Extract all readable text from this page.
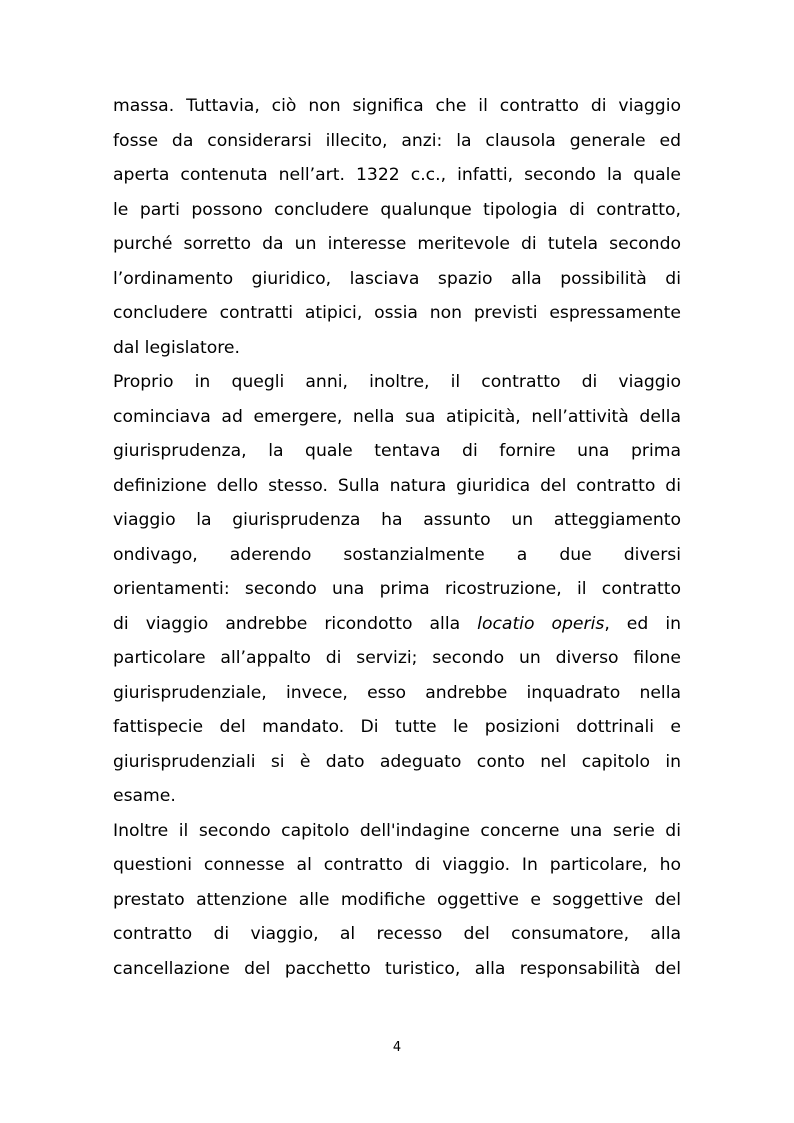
massa. Tuttavia, ciò non significa che il contratto di viaggio
fosse da considerarsi illecito, anzi: la clausola generale ed
aperta contenuta nell’art. 1322 c.c., infatti, secondo la quale
le parti possono concludere qualunque tipologia di contratto,
purché sorretto da un interesse meritevole di tutela secondo
l’ordinamento giuridico, lasciava spazio alla possibilità di
concludere contratti atipici, ossia non previsti espressamente
dal legislatore.
Proprio in quegli anni, inoltre, il contratto di viaggio
cominciava ad emergere, nella sua atipicità, nell’attività della
giurisprudenza, la quale tentava di fornire una prima
definizione dello stesso. Sulla natura giuridica del contratto di
viaggio la giurisprudenza ha assunto un atteggiamento
ondivago, aderendo sostanzialmente a due diversi
orientamenti: secondo una prima ricostruzione, il contratto
di viaggio andrebbe ricondotto alla locatio operis, ed in
particolare all’appalto di servizi; secondo un diverso filone
giurisprudenziale, invece, esso andrebbe inquadrato nella
fattispecie del mandato. Di tutte le posizioni dottrinali e
giurisprudenziali si è dato adeguato conto nel capitolo in
esame.
Inoltre il secondo capitolo dell'indagine concerne una serie di
questioni connesse al contratto di viaggio. In particolare, ho
prestato attenzione alle modifiche oggettive e soggettive del
contratto di viaggio, al recesso del consumatore, alla
cancellazione del pacchetto turistico, alla responsabilità del
4
